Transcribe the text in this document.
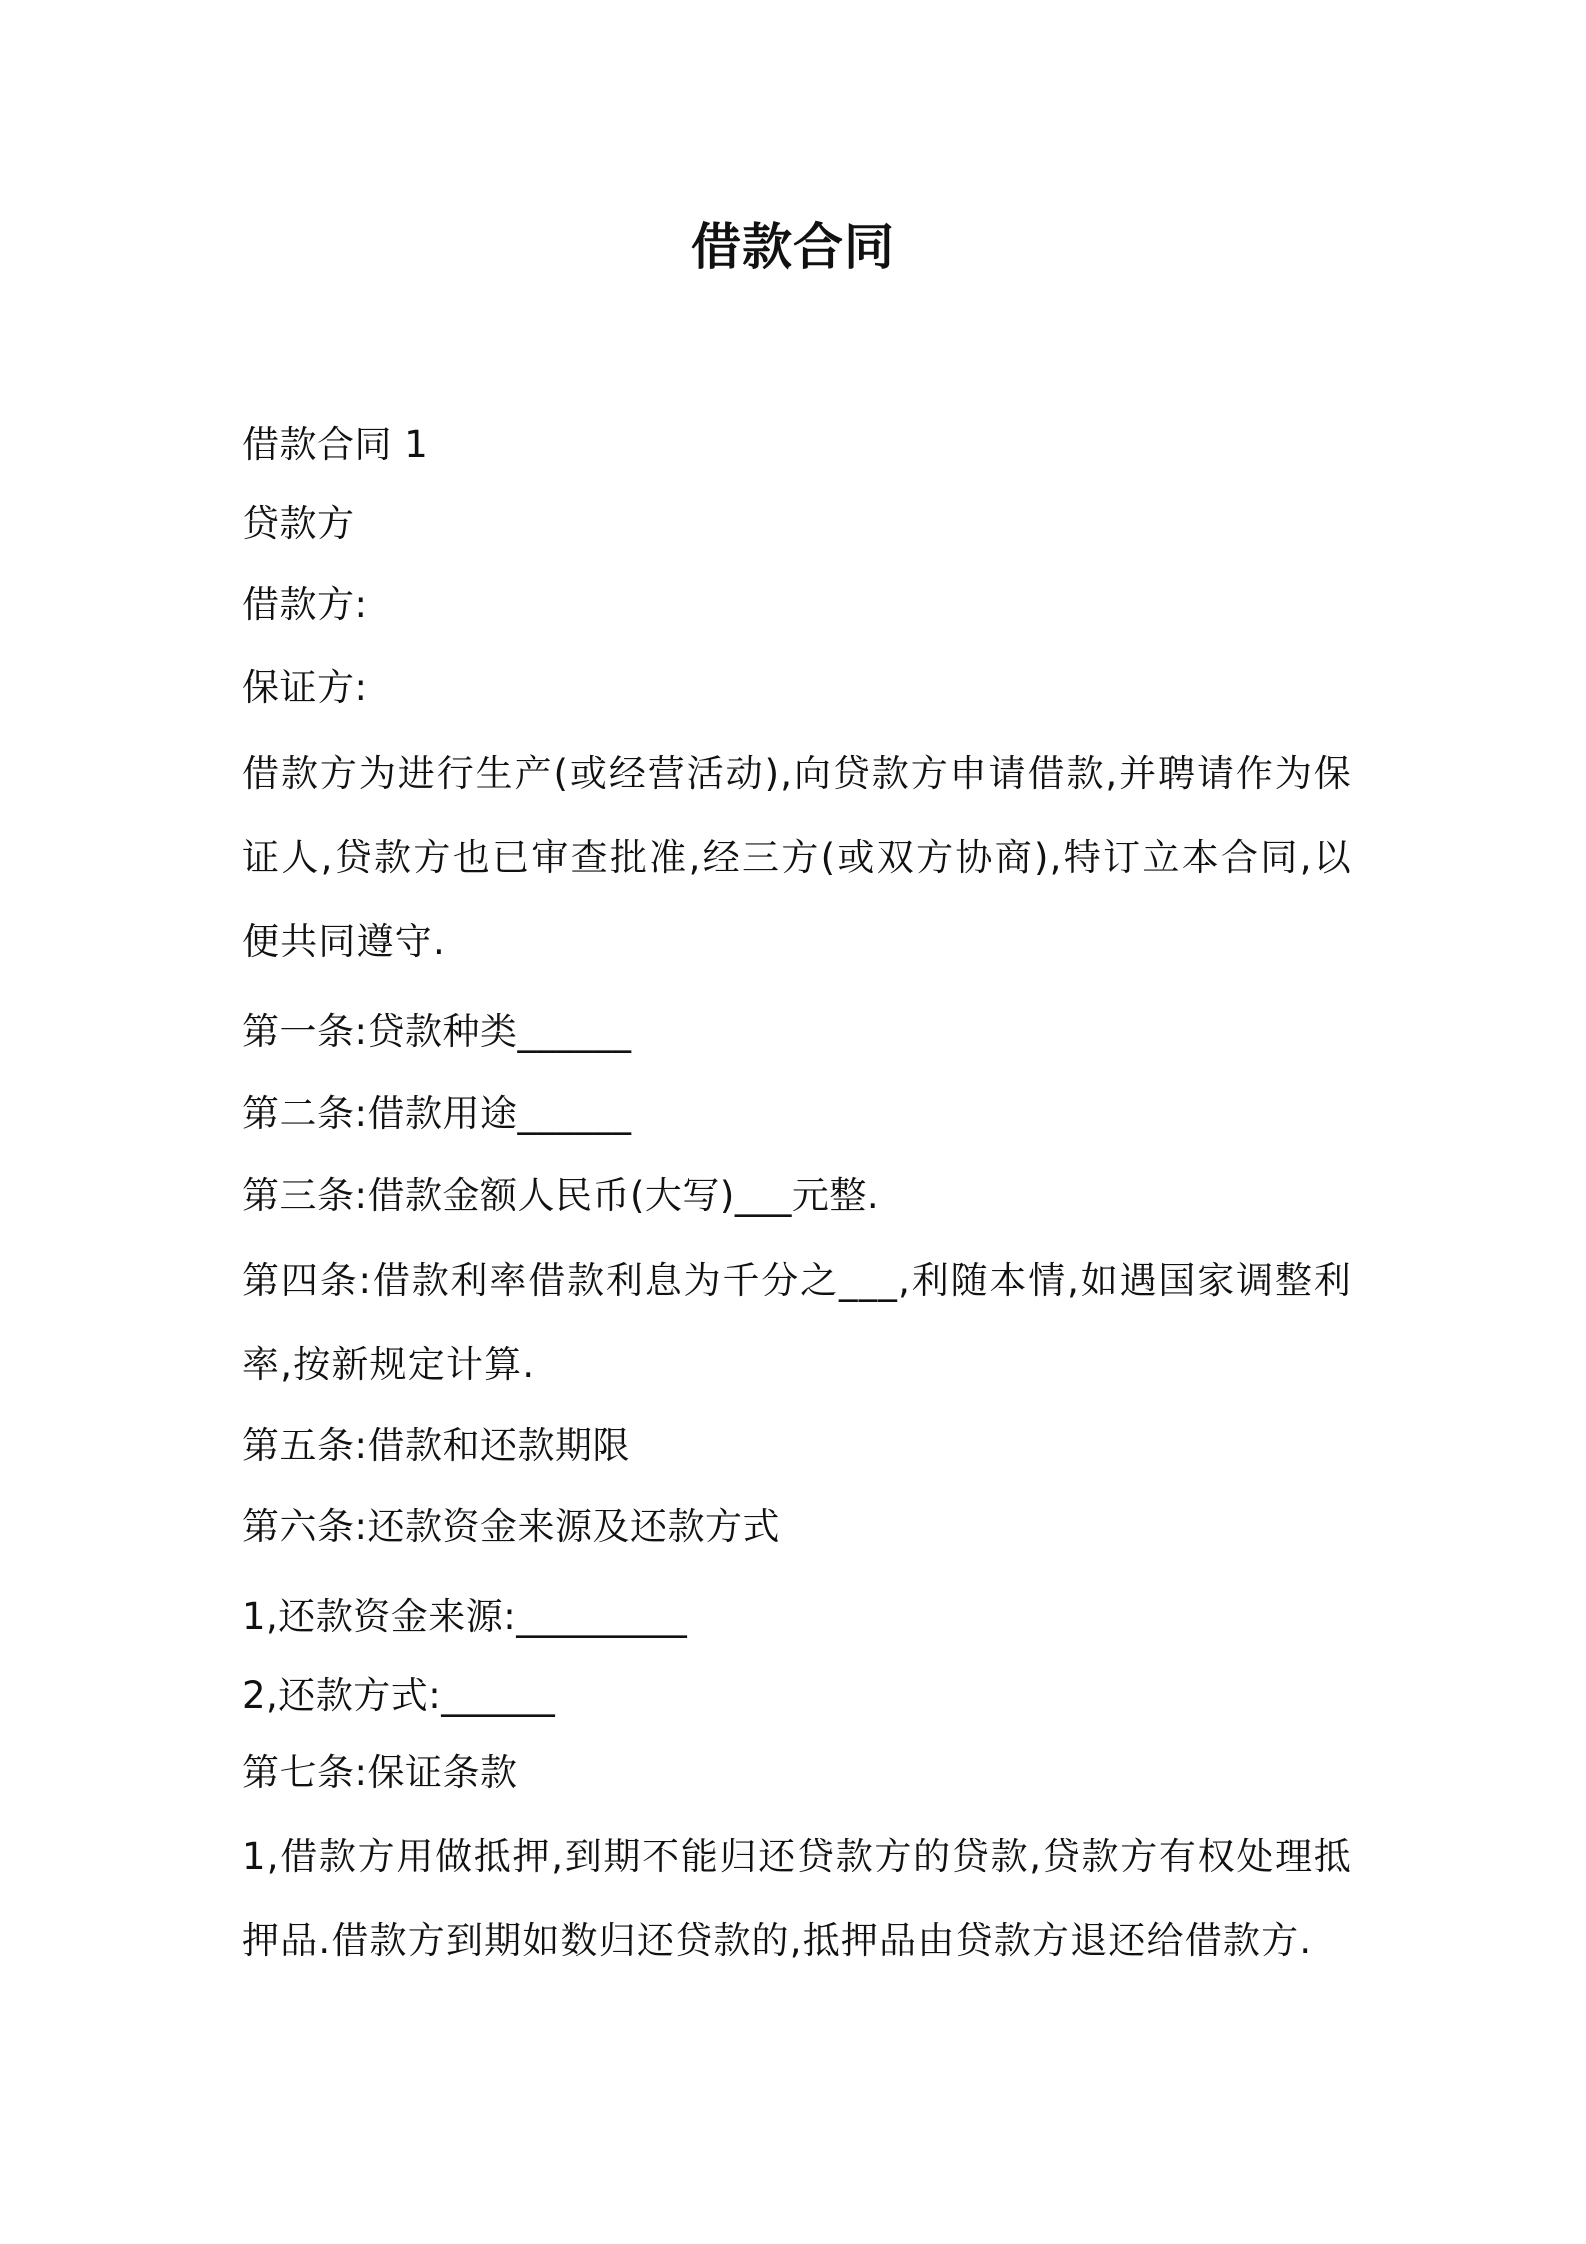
借款合同
借款合同 1
贷款方
借款方:
保证方:
借款方为进行生产(或经营活动),向贷款方申请借款,并聘请作为保证人,贷款方也已审查批准,经三方(或双方协商),特订立本合同,以便共同遵守.
第一条:贷款种类______
第二条:借款用途______
第三条:借款金额人民币(大写)___元整.
第四条:借款利率借款利息为千分之___,利随本情,如遇国家调整利率,按新规定计算.
第五条:借款和还款期限
第六条:还款资金来源及还款方式
1,还款资金来源:_________
2,还款方式:______
第七条:保证条款
1,借款方用做抵押,到期不能归还贷款方的贷款,贷款方有权处理抵押品.借款方到期如数归还贷款的,抵押品由贷款方退还给借款方.
